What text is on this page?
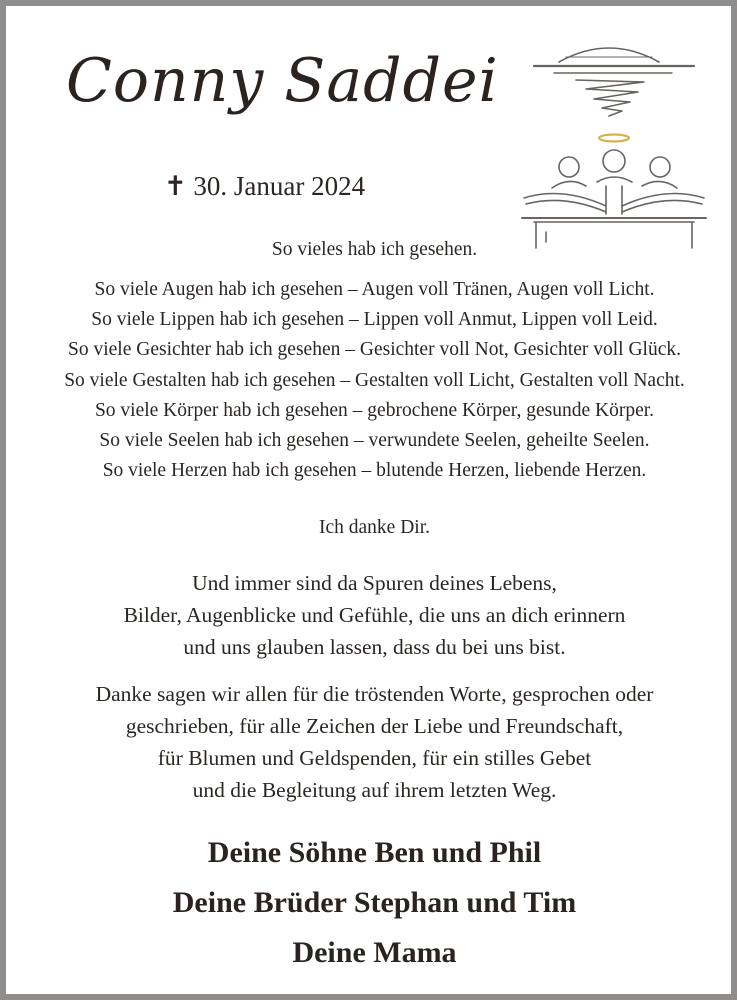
Conny Saddei
✝ 30. Januar 2024
So vieles hab ich gesehen.
So viele Augen hab ich gesehen – Augen voll Tränen, Augen voll Licht.
So viele Lippen hab ich gesehen – Lippen voll Anmut, Lippen voll Leid.
So viele Gesichter hab ich gesehen – Gesichter voll Not, Gesichter voll Glück.
So viele Gestalten hab ich gesehen – Gestalten voll Licht, Gestalten voll Nacht.
So viele Körper hab ich gesehen – gebrochene Körper, gesunde Körper.
So viele Seelen hab ich gesehen – verwundete Seelen, geheilte Seelen.
So viele Herzen hab ich gesehen – blutende Herzen, liebende Herzen.
Ich danke Dir.
Und immer sind da Spuren deines Lebens,
Bilder, Augenblicke und Gefühle, die uns an dich erinnern
und uns glauben lassen, dass du bei uns bist.
Danke sagen wir allen für die tröstenden Worte, gesprochen oder
geschrieben, für alle Zeichen der Liebe und Freundschaft,
für Blumen und Geldspenden, für ein stilles Gebet
und die Begleitung auf ihrem letzten Weg.
Deine Söhne Ben und Phil
Deine Brüder Stephan und Tim
Deine Mama
